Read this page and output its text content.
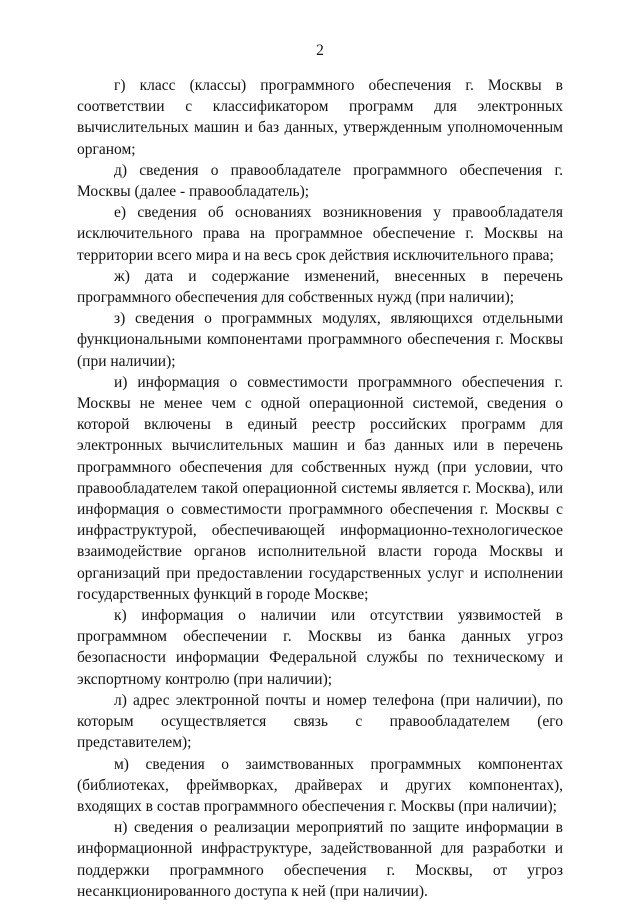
2

г) класс (классы) программного обеспечения г. Москвы в соответствии с классификатором программ для электронных вычислительных машин и баз данных, утвержденным уполномоченным органом;

д) сведения о правообладателе программного обеспечения г. Москвы (далее - правообладатель);

е) сведения об основаниях возникновения у правообладателя исключительного права на программное обеспечение г. Москвы на территории всего мира и на весь срок действия исключительного права;

ж) дата и содержание изменений, внесенных в перечень программного обеспечения для собственных нужд (при наличии);

з) сведения о программных модулях, являющихся отдельными функциональными компонентами программного обеспечения г. Москвы (при наличии);

и) информация о совместимости программного обеспечения г. Москвы не менее чем с одной операционной системой, сведения о которой включены в единый реестр российских программ для электронных вычислительных машин и баз данных или в перечень программного обеспечения для собственных нужд (при условии, что правообладателем такой операционной системы является г. Москва), или информация о совместимости программного обеспечения г. Москвы с инфраструктурой, обеспечивающей информационно-технологическое взаимодействие органов исполнительной власти города Москвы и организаций при предоставлении государственных услуг и исполнении государственных функций в городе Москве;

к) информация о наличии или отсутствии уязвимостей в программном обеспечении г. Москвы из банка данных угроз безопасности информации Федеральной службы по техническому и экспортному контролю (при наличии);

л) адрес электронной почты и номер телефона (при наличии), по которым осуществляется связь с правообладателем (его представителем);

м) сведения о заимствованных программных компонентах (библиотеках, фреймворках, драйверах и других компонентах), входящих в состав программного обеспечения г. Москвы (при наличии);

н) сведения о реализации мероприятий по защите информации в информационной инфраструктуре, задействованной для разработки и поддержки программного обеспечения г. Москвы, от угроз несанкционированного доступа к ней (при наличии).
